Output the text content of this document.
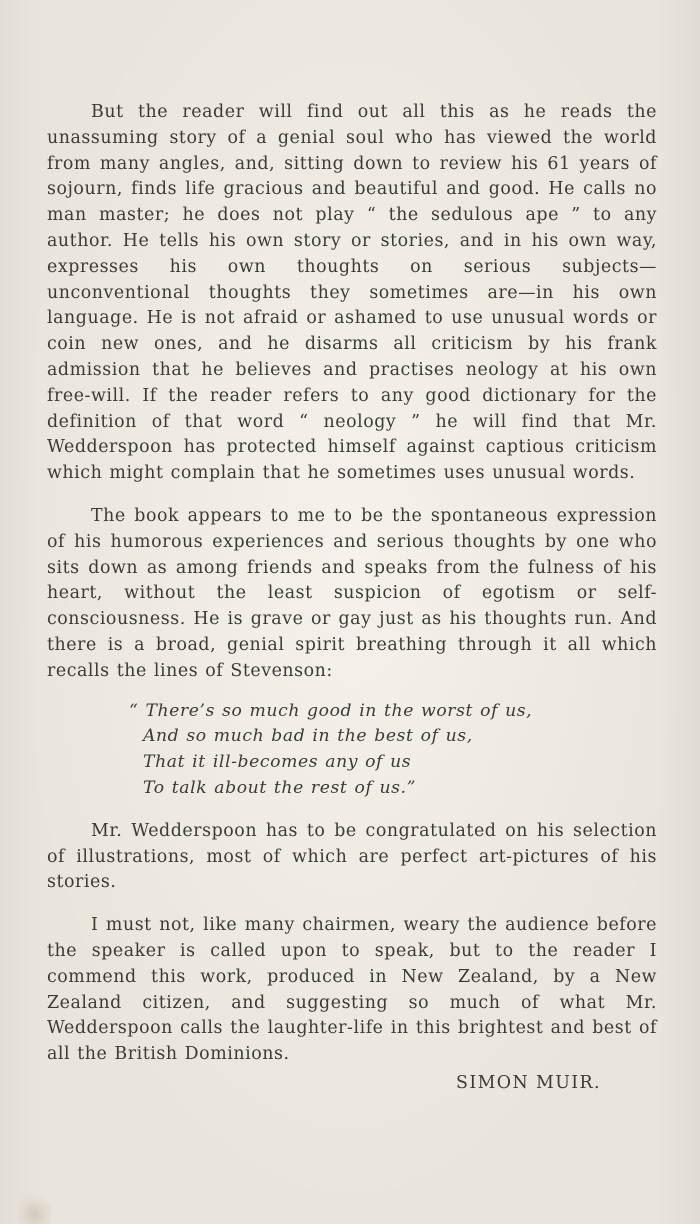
But the reader will find out all this as he reads the unassuming story of a genial soul who has viewed the world from many angles, and, sitting down to review his 61 years of sojourn, finds life gracious and beautiful and good. He calls no man master; he does not play “ the sedulous ape ” to any author. He tells his own story or stories, and in his own way, expresses his own thoughts on serious subjects—unconventional thoughts they sometimes are—in his own language. He is not afraid or ashamed to use unusual words or coin new ones, and he disarms all criticism by his frank admission that he believes and practises neology at his own free-will. If the reader refers to any good dictionary for the definition of that word “ neology ” he will find that Mr. Wedderspoon has protected himself against captious criticism which might complain that he sometimes uses unusual words.

The book appears to me to be the spontaneous expression of his humorous experiences and serious thoughts by one who sits down as among friends and speaks from the fulness of his heart, without the least suspicion of egotism or self-consciousness. He is grave or gay just as his thoughts run. And there is a broad, genial spirit breathing through it all which recalls the lines of Stevenson:

“ There’s so much good in the worst of us,
And so much bad in the best of us,
That it ill-becomes any of us
To talk about the rest of us.”

Mr. Wedderspoon has to be congratulated on his selection of illustrations, most of which are perfect art-pictures of his stories.

I must not, like many chairmen, weary the audience before the speaker is called upon to speak, but to the reader I commend this work, produced in New Zealand, by a New Zealand citizen, and suggesting so much of what Mr. Wedderspoon calls the laughter-life in this brightest and best of all the British Dominions.

SIMON MUIR.
